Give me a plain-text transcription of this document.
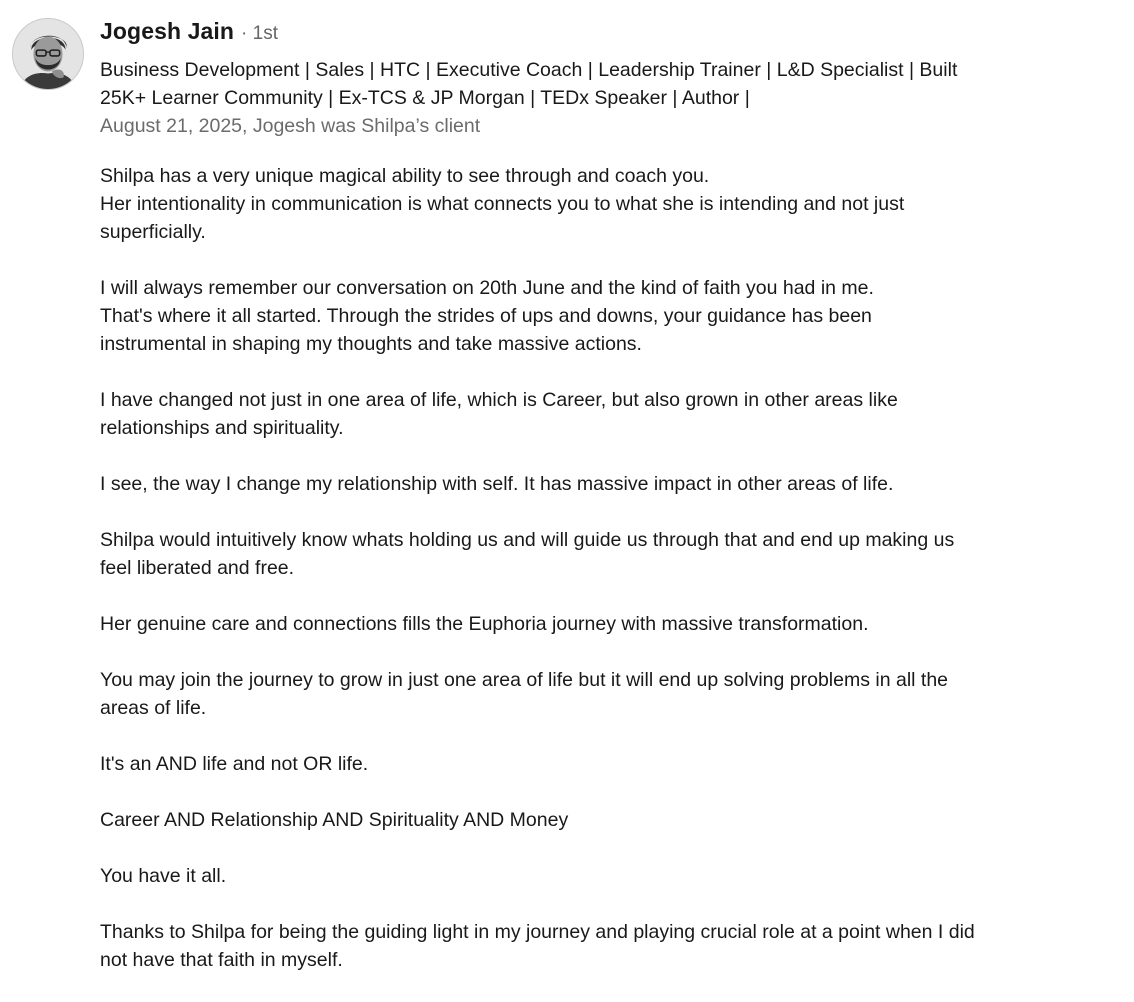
Jogesh Jain · 1st
Business Development | Sales | HTC | Executive Coach | Leadership Trainer | L&D Specialist | Built
25K+ Learner Community | Ex-TCS & JP Morgan | TEDx Speaker | Author |
August 21, 2025, Jogesh was Shilpa’s client

Shilpa has a very unique magical ability to see through and coach you.
Her intentionality in communication is what connects you to what she is intending and not just
superficially.

I will always remember our conversation on 20th June and the kind of faith you had in me.
That's where it all started. Through the strides of ups and downs, your guidance has been
instrumental in shaping my thoughts and take massive actions.

I have changed not just in one area of life, which is Career, but also grown in other areas like
relationships and spirituality.

I see, the way I change my relationship with self. It has massive impact in other areas of life.

Shilpa would intuitively know whats holding us and will guide us through that and end up making us
feel liberated and free.

Her genuine care and connections fills the Euphoria journey with massive transformation.

You may join the journey to grow in just one area of life but it will end up solving problems in all the
areas of life.

It's an AND life and not OR life.

Career AND Relationship AND Spirituality AND Money

You have it all.

Thanks to Shilpa for being the guiding light in my journey and playing crucial role at a point when I did
not have that faith in myself.
